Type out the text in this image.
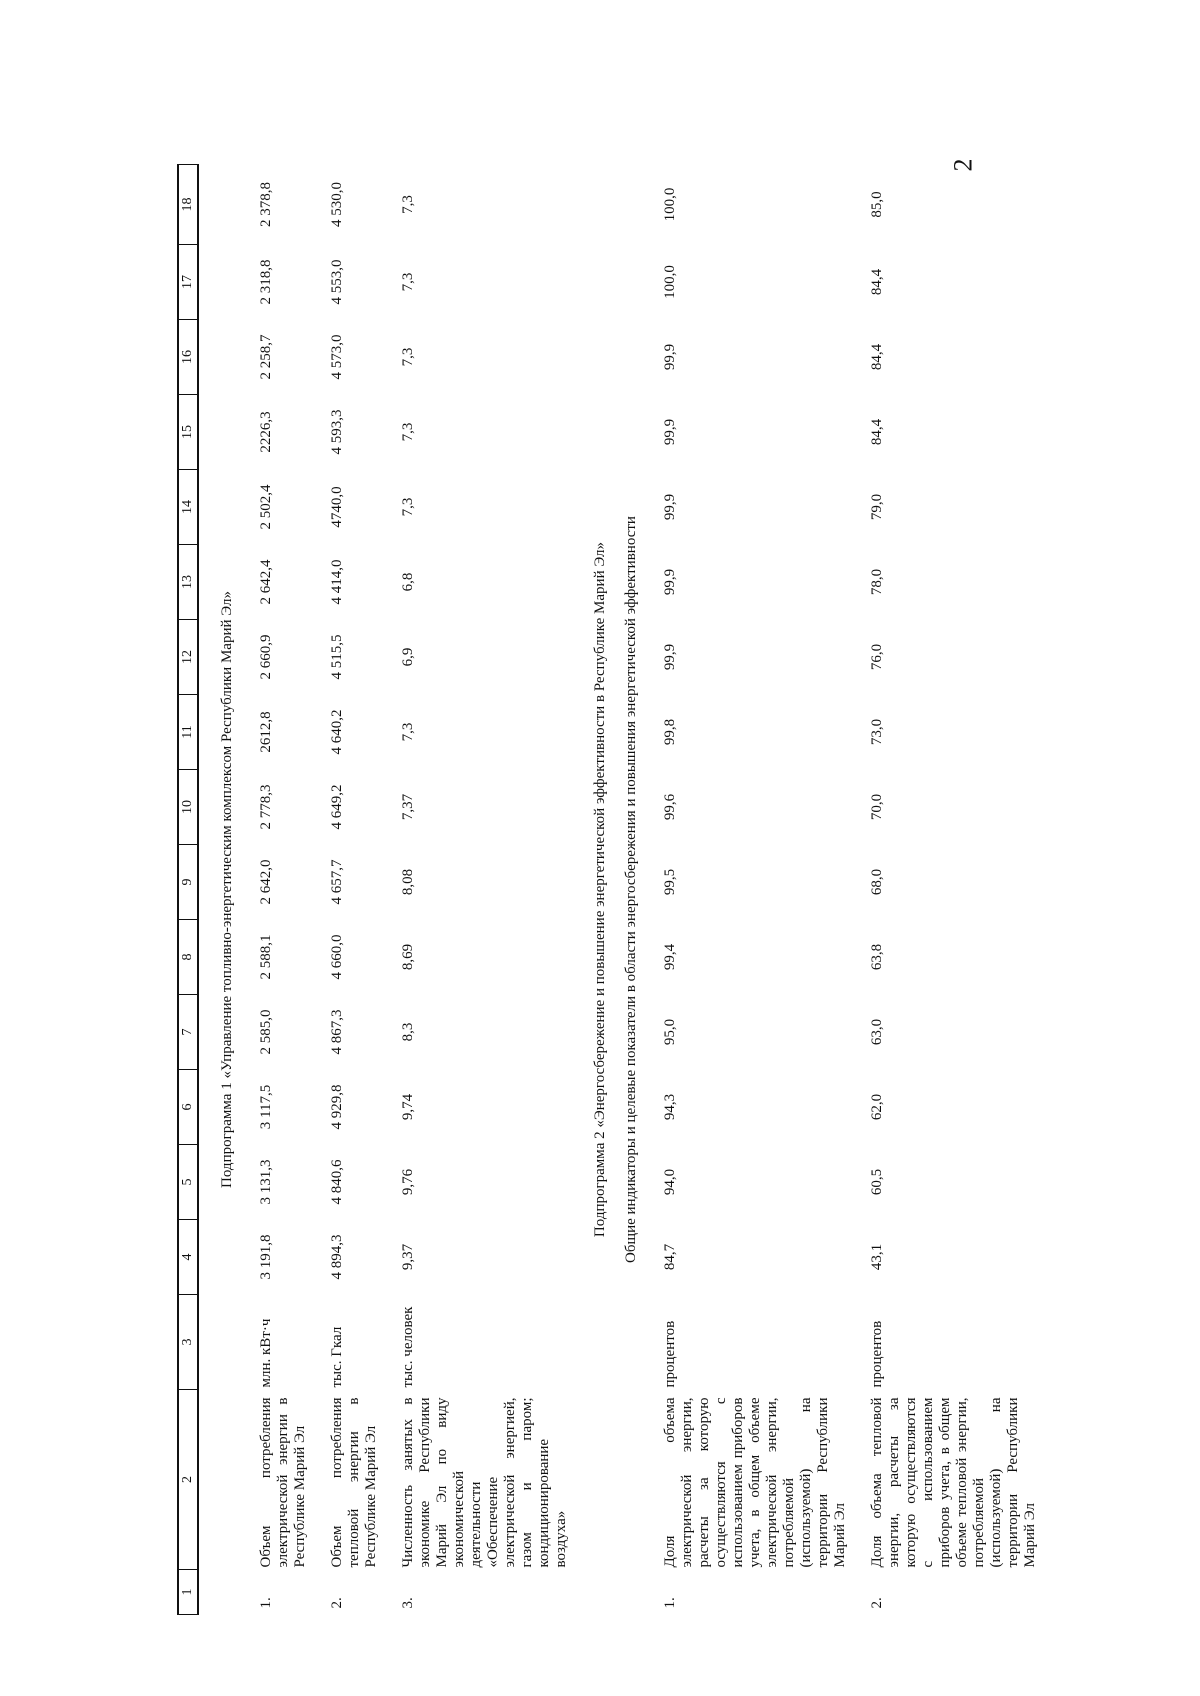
2
1	2	3	4	5	6	7	8	9	10	11	12	13	14	15	16	17	18
Подпрограмма 1 «Управление топливно-энергетическим комплексом Республики Марий Эл»																	
1.	Объем потребления электрической энергии в Республике Марий Эл	млн. кВт·ч	3 191,8	3 131,3	3 117,5	2 585,0	2 588,1	2 642,0	2 778,3	2612,8	2 660,9	2 642,4	2 502,4	2226,3	2 258,7	2 318,8	2 378,8
2.	Объем потребления тепловой энергии в Республике Марий Эл	тыс. Гкал	4 894,3	4 840,6	4 929,8	4 867,3	4 660,0	4 657,7	4 649,2	4 640,2	4 515,5	4 414,0	4740,0	4 593,3	4 573,0	4 553,0	4 530,0
3.	Численность занятых в экономике Республики Марий Эл по виду экономической деятельности «Обеспечение электрической энергией, газом и паром; кондиционирование воздуха»	тыс. человек	9,37	9,76	9,74	8,3	8,69	8,08	7,37	7,3	6,9	6,8	7,3	7,3	7,3	7,3	7,3
Подпрограмма 2 «Энергосбережение и повышение энергетической эффективности в Республике Марий Эл»																	
Общие индикаторы и целевые показатели в области энергосбережения и повышения энергетической эффективности																	
1.	Доля объема электрической энергии, расчеты за которую осуществляются с использованием приборов учета, в общем объеме электрической энергии, потребляемой (используемой) на территории Республики Марий Эл	процентов	84,7	94,0	94,3	95,0	99,4	99,5	99,6	99,8	99,9	99,9	99,9	99,9	99,9	100,0	100,0
2.	Доля объема тепловой энергии, расчеты за которую осуществляются с использованием приборов учета, в общем объеме тепловой энергии, потребляемой (используемой) на территории Республики Марий Эл	процентов	43,1	60,5	62,0	63,0	63,8	68,0	70,0	73,0	76,0	78,0	79,0	84,4	84,4	84,4	85,0
